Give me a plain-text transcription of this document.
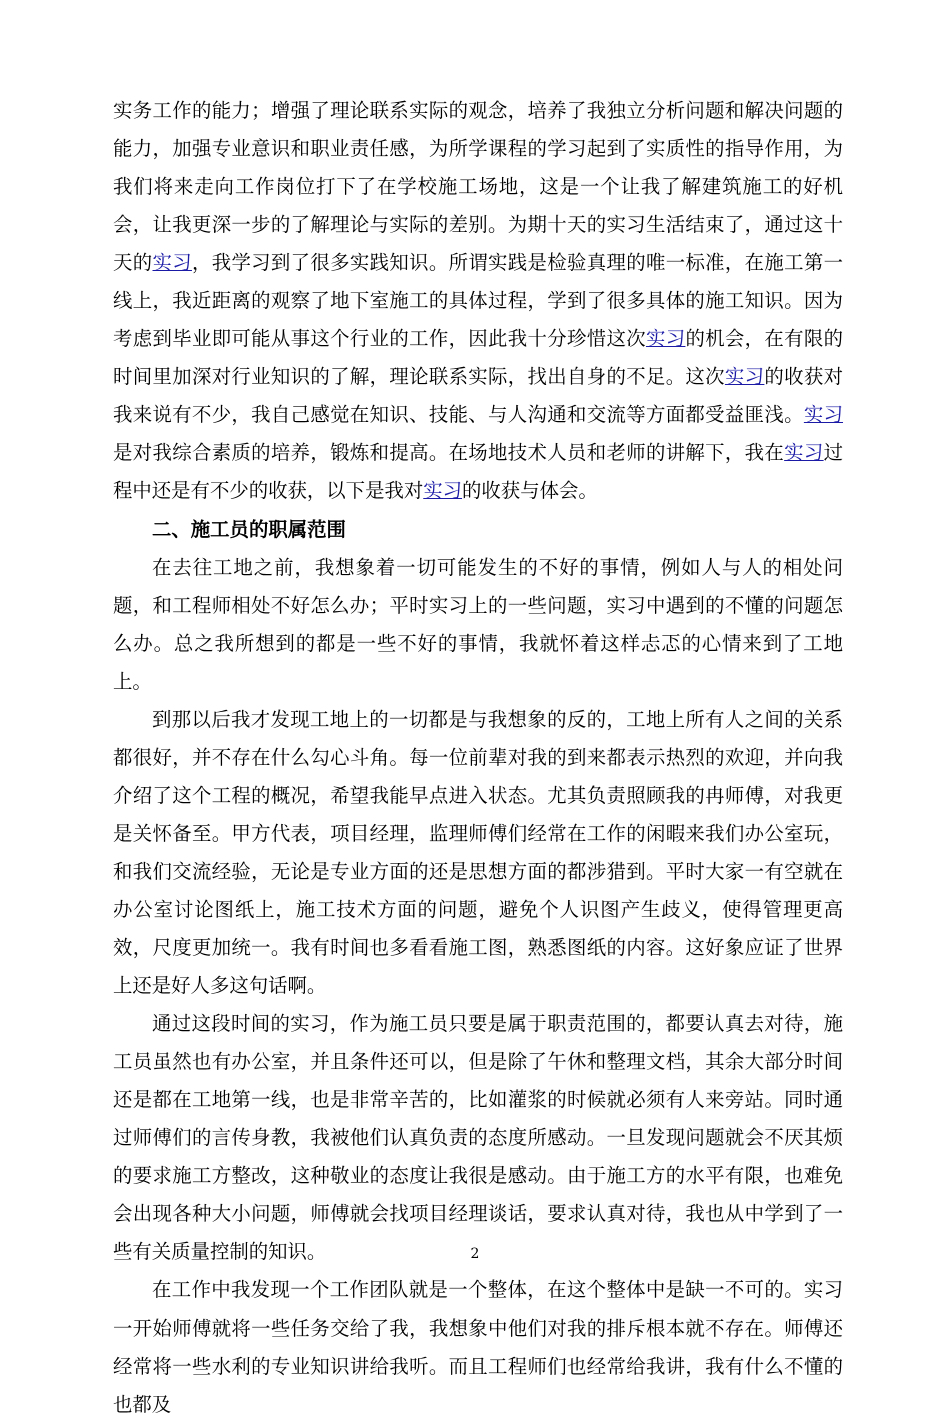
实务工作的能力；增强了理论联系实际的观念，培养了我独立分析问题和解决问题的能力，加强专业意识和职业责任感，为所学课程的学习起到了实质性的指导作用，为我们将来走向工作岗位打下了在学校施工场地，这是一个让我了解建筑施工的好机会，让我更深一步的了解理论与实际的差别。为期十天的实习生活结束了，通过这十天的实习，我学习到了很多实践知识。所谓实践是检验真理的唯一标准，在施工第一线上，我近距离的观察了地下室施工的具体过程，学到了很多具体的施工知识。因为考虑到毕业即可能从事这个行业的工作，因此我十分珍惜这次实习的机会，在有限的时间里加深对行业知识的了解，理论联系实际，找出自身的不足。这次实习的收获对我来说有不少，我自己感觉在知识、技能、与人沟通和交流等方面都受益匪浅。实习是对我综合素质的培养，锻炼和提高。在场地技术人员和老师的讲解下，我在实习过程中还是有不少的收获，以下是我对实习的收获与体会。

二、施工员的职属范围

在去往工地之前，我想象着一切可能发生的不好的事情，例如人与人的相处问题，和工程师相处不好怎么办；平时实习上的一些问题，实习中遇到的不懂的问题怎么办。总之我所想到的都是一些不好的事情，我就怀着这样忐忑的心情来到了工地上。

到那以后我才发现工地上的一切都是与我想象的反的，工地上所有人之间的关系都很好，并不存在什么勾心斗角。每一位前辈对我的到来都表示热烈的欢迎，并向我介绍了这个工程的概况，希望我能早点进入状态。尤其负责照顾我的冉师傅，对我更是关怀备至。甲方代表，项目经理，监理师傅们经常在工作的闲暇来我们办公室玩，和我们交流经验，无论是专业方面的还是思想方面的都涉猎到。平时大家一有空就在办公室讨论图纸上，施工技术方面的问题，避免个人识图产生歧义，使得管理更高效，尺度更加统一。我有时间也多看看施工图，熟悉图纸的内容。这好象应证了世界上还是好人多这句话啊。

通过这段时间的实习，作为施工员只要是属于职责范围的，都要认真去对待，施工员虽然也有办公室，并且条件还可以，但是除了午休和整理文档，其余大部分时间还是都在工地第一线，也是非常辛苦的，比如灌浆的时候就必须有人来旁站。同时通过师傅们的言传身教，我被他们认真负责的态度所感动。一旦发现问题就会不厌其烦的要求施工方整改，这种敬业的态度让我很是感动。由于施工方的水平有限，也难免会出现各种大小问题，师傅就会找项目经理谈话，要求认真对待，我也从中学到了一些有关质量控制的知识。

在工作中我发现一个工作团队就是一个整体，在这个整体中是缺一不可的。实习一开始师傅就将一些任务交给了我，我想象中他们对我的排斥根本就不存在。师傅还经常将一些水利的专业知识讲给我听。而且工程师们也经常给我讲，我有什么不懂的也都及

2
